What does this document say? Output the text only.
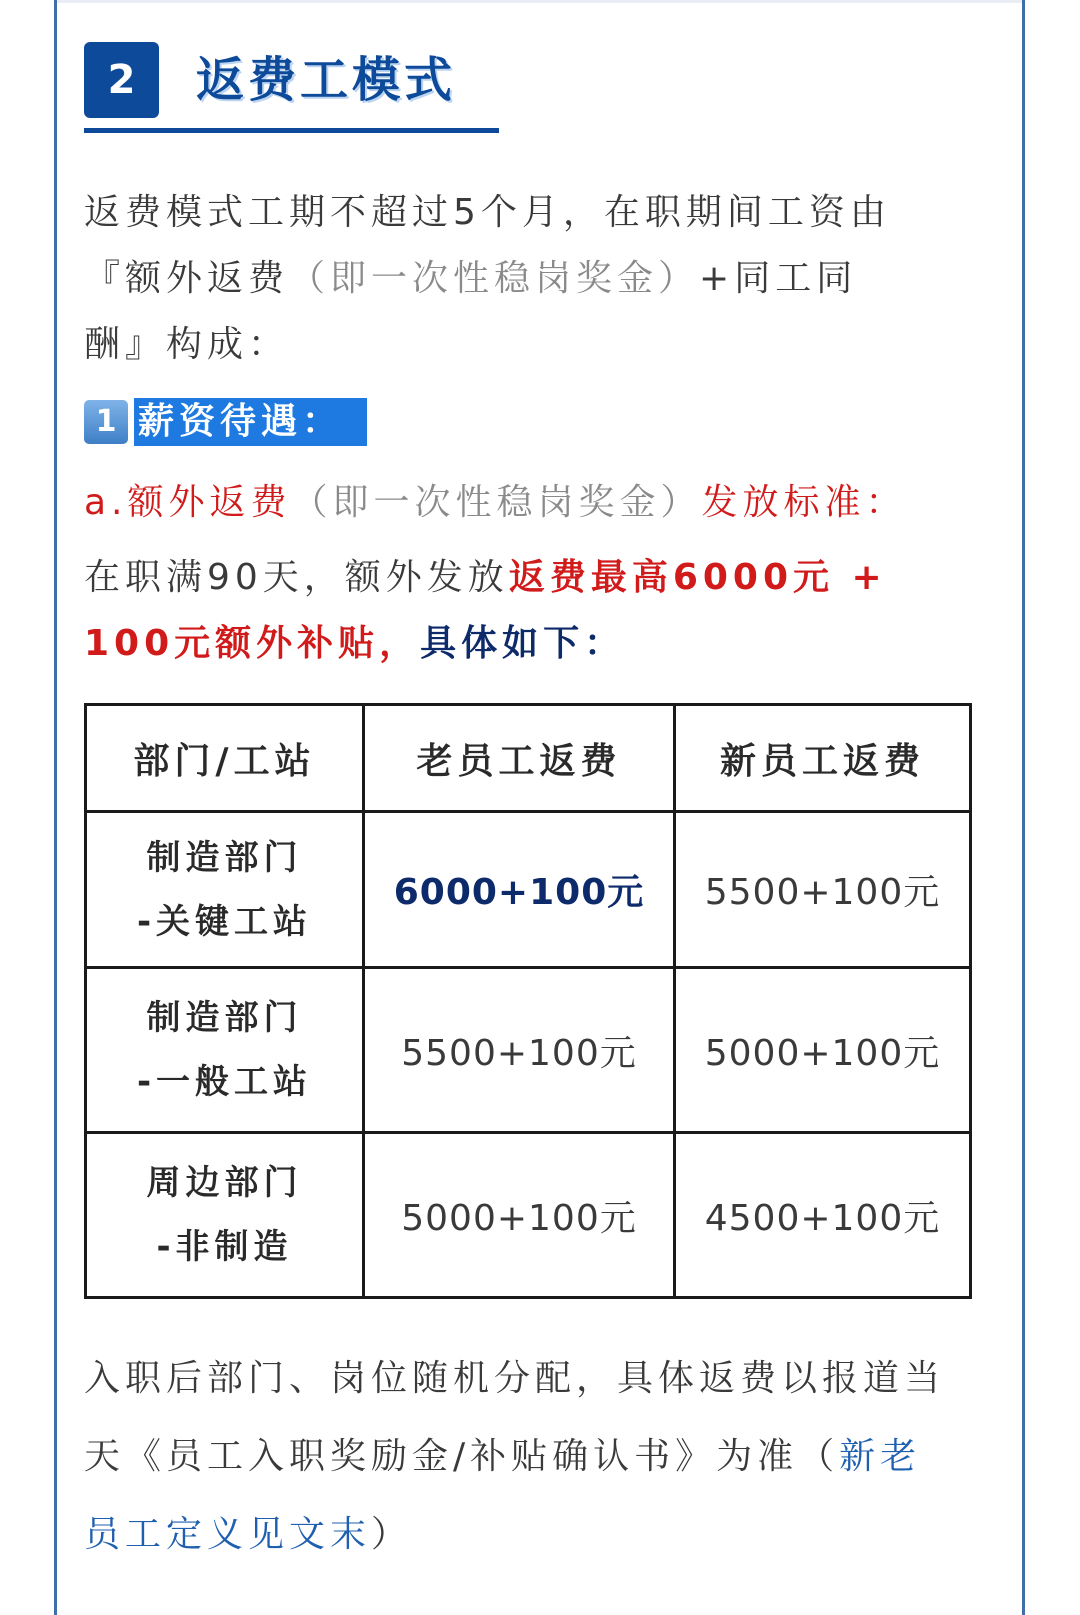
2	返费工模式
返费模式工期不超过5个月，在职期间工资由
『额外返费（即一次性稳岗奖金）+同工同
酬』构成：
1 薪资待遇：
a.额外返费（即一次性稳岗奖金）发放标准：
在职满90天，额外发放返费最高6000元 +
100元额外补贴，具体如下：
部门/工站	老员工返费	新员工返费

制造部门
-关键工站	6000+100元	5500+100元

制造部门
-一般工站	5500+100元	5000+100元

周边部门
-非制造	5000+100元	4500+100元
入职后部门、岗位随机分配，具体返费以报道当
天《员工入职奖励金/补贴确认书》为准（新老
员工定义见文末）
